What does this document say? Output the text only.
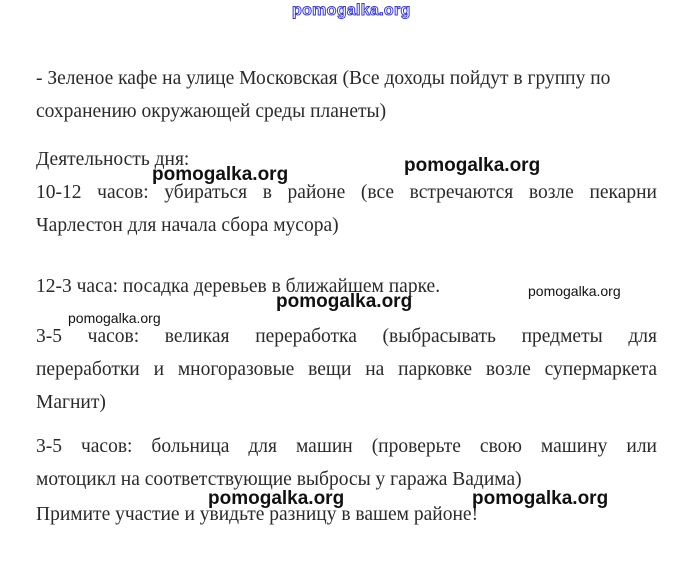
pomogalka.org
- Зеленое кафе на улице Московская (Все доходы пойдут в группу по
сохранению окружающей среды планеты)
Деятельность дня:
10-12 часов: убираться в районе (все встречаются возле пекарни
Чарлестон для начала сбора мусора)
12-3 часа: посадка деревьев в ближайшем парке.
3-5 часов: великая переработка (выбрасывать предметы для
переработки и многоразовые вещи на парковке возле супермаркета
Магнит)
3-5 часов: больница для машин (проверьте свою машину или
мотоцикл на соответствующие выбросы у гаража Вадима)
Примите участие и увидьте разницу в вашем районе!
pomogalka.org	pomogalka.org
pomogalka.org	pomogalka.org
pomogalka.org
pomogalka.org	pomogalka.org
